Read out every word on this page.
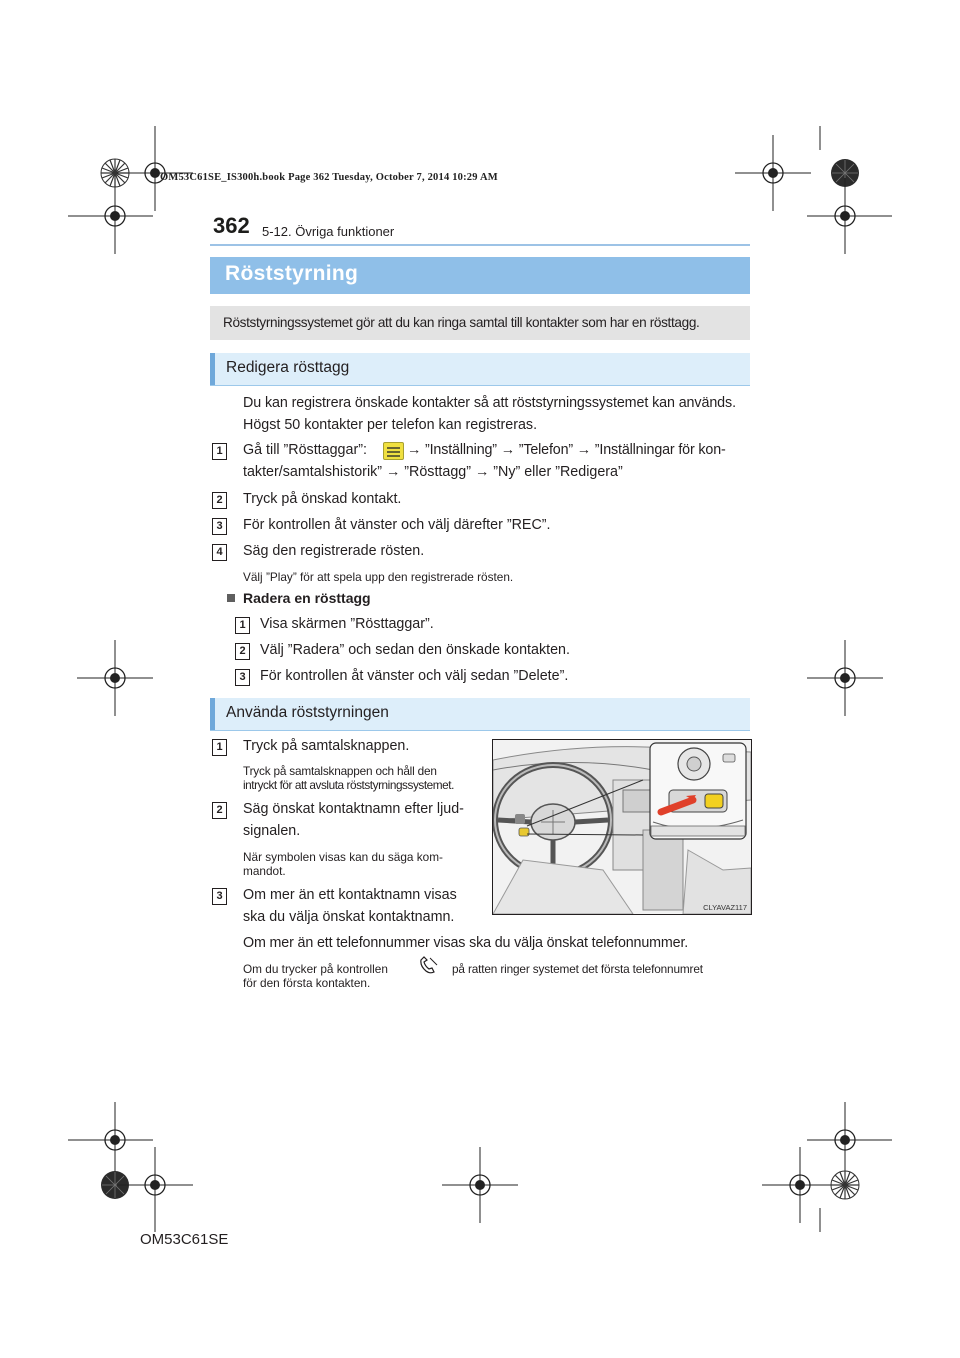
OM53C61SE_IS300h.book Page 362 Tuesday, October 7, 2014 10:29 AM
362 5-12. Övriga funktioner
Röststyrning
Röststyrningssystemet gör att du kan ringa samtal till kontakter som har en rösttagg.
Redigera rösttagg
Du kan registrera önskade kontakter så att röststyrningssystemet kan används.
Högst 50 kontakter per telefon kan registreras.
1	Gå till ”Rösttaggar”:	→ ”Inställning” → ”Telefon” → ”Inställningar för kon-
takter/samtalshistorik” → ”Rösttagg” → ”Ny” eller ”Redigera”
2	Tryck på önskad kontakt.
3	För kontrollen åt vänster och välj därefter ”REC”.
4	Säg den registrerade rösten.
Välj ”Play” för att spela upp den registrerade rösten.
Radera en rösttagg
1	Visa skärmen ”Rösttaggar”.
2	Välj ”Radera” och sedan den önskade kontakten.
3	För kontrollen åt vänster och välj sedan ”Delete”.
Använda röststyrningen
1	Tryck på samtalsknappen.
Tryck på samtalsknappen och håll den
intryckt för att avsluta röststyrningssystemet.
2	Säg önskat kontaktnamn efter ljud-
signalen.
När symbolen visas kan du säga kom-
mandot.
3	Om mer än ett kontaktnamn visas
ska du välja önskat kontaktnamn.
CLYAVAZ117
Om mer än ett telefonnummer visas ska du välja önskat telefonnummer.
Om du trycker på kontrollen	på ratten ringer systemet det första telefonnumret
för den första kontakten.
OM53C61SE
